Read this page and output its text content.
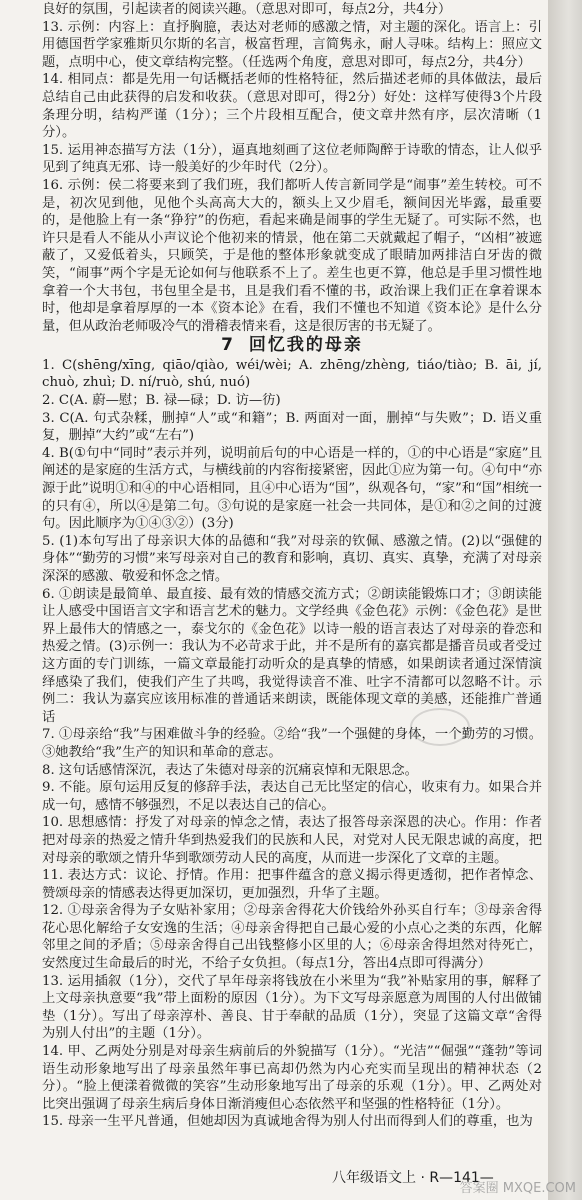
良好的氛围，引起读者的阅读兴趣。（意思对即可，每点2分，共4分）

13. 示例：内容上：直抒胸臆，表达对老师的感激之情，对主题的深化。语言上：引用德国哲学家雅斯贝尔斯的名言，极富哲理，言简隽永，耐人寻味。结构上：照应文题，点明中心，使文章结构完整。（任选两个角度，意思对即可，每点2分，共4分）

14. 相同点：都是先用一句话概括老师的性格特征，然后描述老师的具体做法，最后总结自己由此获得的启发和收获。（意思对即可，得2分）好处：这样写使得3个片段条理分明，结构严谨（1分）；三个片段相互配合，使文章井然有序，层次清晰（1分）。

15. 运用神态描写方法（1分），逼真地刻画了这位老师陶醉于诗歌的情态，让人似乎见到了纯真无邪、诗一般美好的少年时代（2分）。

16. 示例：侯二将要来到了我们班，我们都听人传言新同学是“闹事”差生转校。可不是，初次见到他，见他个头高高大大的，额头上又少眉毛，额间因光毕露，最重要的，是他脸上有一条“狰狞”的伤疤，看起来确是闹事的学生无疑了。可实际不然，也许只是看人不能从小声议论个他初来的情景，他在第二天就戴起了帽子，“凶相”被遮蔽了，又爱低着头，只顾笑，于是他的整体形象就变成了眼睛加两排洁白牙齿的微笑，“闹事”两个字是无论如何与他联系不上了。差生也更不算，他总是手里习惯性地拿着一个大书包，书包里全是书，且是我们看不懂的书，政治课上我们正在拿着课本时，他却是拿着厚厚的一本《资本论》在看，我们不懂也不知道《资本论》是什么分量，但从政治老师吸冷气的滑稽表情来看，这是很厉害的书无疑了。

7 回忆我的母亲

1. C(shēng/xīng, qiāo/qiào, wéi/wèi; A. zhēng/zhèng, tiáo/tiào; B. āi, jí, chuò, zhuì; D. ní/ruò, shú, nuó)

2. C(A. 蔚—慰；B. 禄—碌；D. 访—彷)

3. C(A. 句式杂糅，删掉“人”或“和籍”；B. 两面对一面，删掉“与失败”；D. 语义重复，删掉“大约”或“左右”)

4. B(①句中“同时”表示并列，说明前后句的中心语是一样的，①的中心语是“家庭”且阐述的是家庭的生活方式，与横线前的内容衔接紧密，因此①应为第一句。④句中“亦源于此”说明①和④的中心语相同，且④中心语为“国”，纵观各句，“家”和“国”相统一的只有④，所以④是第二句。③句说的是家庭一社会一共同体，是①和②之间的过渡句。因此顺序为①④③②）(3分)

5. (1)本句写出了母亲识大体的品德和“我”对母亲的钦佩、感激之情。(2)以“强健的身体”“勤劳的习惯”来写母亲对自己的教育和影响，真切、真实、真挚，充满了对母亲深深的感激、敬爱和怀念之情。

6. ①朗读是最简单、最直接、最有效的情感交流方式；②朗读能锻炼口才；③朗读能让人感受中国语言文字和语言艺术的魅力。文学经典《金色花》示例：《金色花》是世界上最伟大的情感之一，泰戈尔的《金色花》以诗一般的语言表达了对母亲的眷恋和热爱之情。(3)示例一：我认为不必苛求于此，并不是所有的嘉宾都是播音员或者受过这方面的专门训练，一篇文章最能打动听众的是真挚的情感，如果朗读者通过深情演绎感染了我们，使我们产生了共鸣，我觉得读音不准、吐字不清都可以忽略不计。示例二：我认为嘉宾应该用标准的普通话来朗读，既能体现文章的美感，还能推广普通话

7. ①母亲给“我”与困难做斗争的经验。②给“我”一个强健的身体，一个勤劳的习惯。③她教给“我”生产的知识和革命的意志。

8. 这句话感情深沉，表达了朱德对母亲的沉痛哀悼和无限思念。

9. 不能。原句运用反复的修辞手法，表达自己无比坚定的信心，收束有力。如果合并成一句，感情不够强烈，不足以表达自己的信心。

10. 思想感情：抒发了对母亲的悼念之情，表达了报答母亲深恩的决心。作用：作者把对母亲的热爱之情升华到热爱我们的民族和人民，对党对人民无限忠诚的高度，把对母亲的歌颂之情升华到歌颂劳动人民的高度，从而进一步深化了文章的主题。

11. 表达方式：议论、抒情。作用：把事件蕴含的意义揭示得更透彻，把作者悼念、赞颂母亲的情感表达得更加深切，更加强烈，升华了主题。

12. ①母亲舍得为子女贴补家用；②母亲舍得花大价钱给外孙买自行车；③母亲舍得花心思化解给子女安逸的生活；④母亲舍得把自己最心爱的小点心之类的东西，化解邻里之间的矛盾；⑤母亲舍得自己出钱整修小区里的人；⑥母亲舍得坦然对待死亡，安然度过生命最后的时光，不给子女负担。（每点1分，答出4点即可得满分）

13. 运用插叙（1分），交代了早年母亲将钱放在小米里为“我”补贴家用的事，解释了上文母亲执意要“我”带上面粉的原因（1分）。为下文写母亲愿意为周围的人付出做铺垫（1分）。写出了母亲淳朴、善良、甘于奉献的品质（1分），突显了这篇文章“舍得为别人付出”的主题（1分）。

14. 甲、乙两处分别是对母亲生病前后的外貌描写（1分）。“光洁”“倔强”“蓬勃”等词语生动形象地写出了母亲虽然年事已高却仍然为内心充实而呈现出的精神状态（2分）。“脸上便漾着微微的笑容”生动形象地写出了母亲的乐观（1分）。甲、乙两处对比突出强调了母亲生病后身体日渐消瘦但心态依然平和坚强的性格特征（1分）。

15. 母亲一生平凡普通，但她却因为真诚地舍得为别人付出而得到人们的尊重，也为

八年级语文上 · R—141—
答案圈 MXQE.COM
